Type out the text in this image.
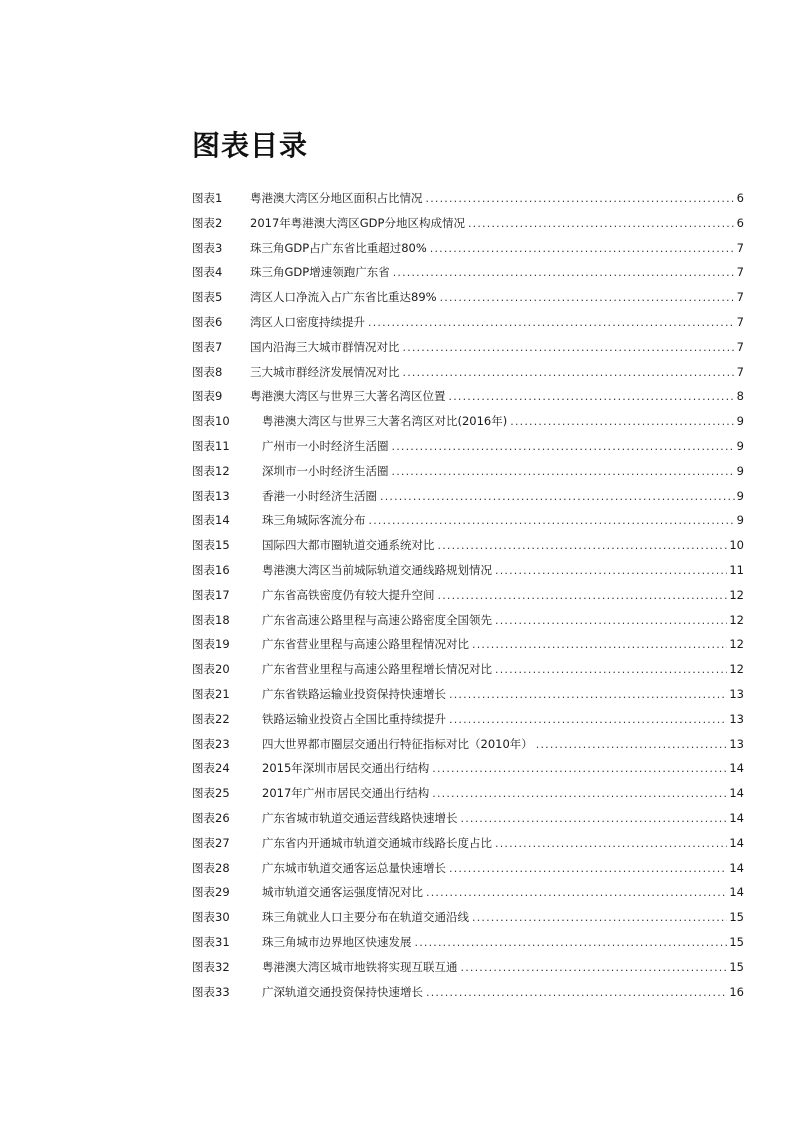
图表目录
图表1	粤港澳大湾区分地区面积占比情况 .....	6
图表2	2017年粤港澳大湾区GDP分地区构成情况 .....	6
图表3	珠三角GDP占广东省比重超过80% .....	7
图表4	珠三角GDP增速领跑广东省 .....	7
图表5	湾区人口净流入占广东省比重达89% .....	7
图表6	湾区人口密度持续提升 .....	7
图表7	国内沿海三大城市群情况对比 .....	7
图表8	三大城市群经济发展情况对比 .....	7
图表9	粤港澳大湾区与世界三大著名湾区位置 .....	8
图表10	粤港澳大湾区与世界三大著名湾区对比(2016年) .....	9
图表11	广州市一小时经济生活圈 .....	9
图表12	深圳市一小时经济生活圈 .....	9
图表13	香港一小时经济生活圈 .....	9
图表14	珠三角城际客流分布 .....	9
图表15	国际四大都市圈轨道交通系统对比 .....	10
图表16	粤港澳大湾区当前城际轨道交通线路规划情况 .....	11
图表17	广东省高铁密度仍有较大提升空间 .....	12
图表18	广东省高速公路里程与高速公路密度全国领先 .....	12
图表19	广东省营业里程与高速公路里程情况对比 .....	12
图表20	广东省营业里程与高速公路里程增长情况对比 .....	12
图表21	广东省铁路运输业投资保持快速增长 .....	13
图表22	铁路运输业投资占全国比重持续提升 .....	13
图表23	四大世界都市圈层交通出行特征指标对比（2010年） .....	13
图表24	2015年深圳市居民交通出行结构 .....	14
图表25	2017年广州市居民交通出行结构 .....	14
图表26	广东省城市轨道交通运营线路快速增长 .....	14
图表27	广东省内开通城市轨道交通城市线路长度占比 .....	14
图表28	广东城市轨道交通客运总量快速增长 .....	14
图表29	城市轨道交通客运强度情况对比 .....	14
图表30	珠三角就业人口主要分布在轨道交通沿线 .....	15
图表31	珠三角城市边界地区快速发展 .....	15
图表32	粤港澳大湾区城市地铁将实现互联互通 .....	15
图表33	广深轨道交通投资保持快速增长 .....	16
